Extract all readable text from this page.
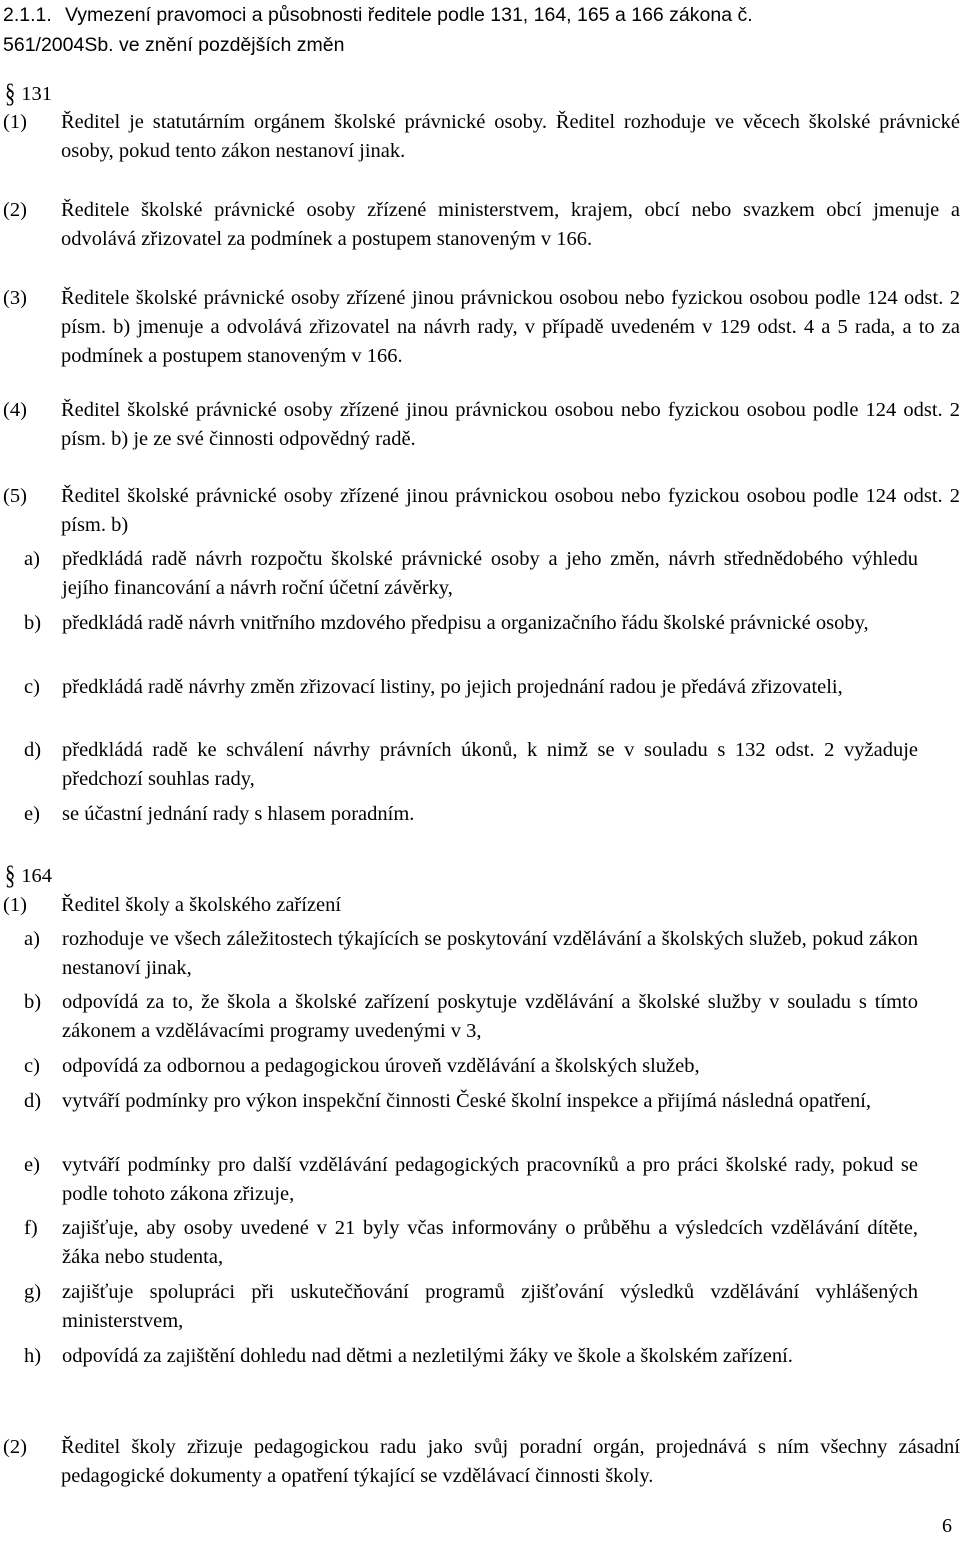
2.1.1. Vymezení pravomoci a působnosti ředitele podle 131, 164, 165 a 166 zákona č.
561/2004Sb. ve znění pozdějších změn
§ 131
(1) Ředitel je statutárním orgánem školské právnické osoby. Ředitel rozhoduje ve věcech školské právnické osoby, pokud tento zákon nestanoví jinak.
(2) Ředitele školské právnické osoby zřízené ministerstvem, krajem, obcí nebo svazkem obcí jmenuje a odvolává zřizovatel za podmínek a postupem stanoveným v 166.
(3) Ředitele školské právnické osoby zřízené jinou právnickou osobou nebo fyzickou osobou podle 124 odst. 2 písm. b) jmenuje a odvolává zřizovatel na návrh rady, v případě uvedeném v 129 odst. 4 a 5 rada, a to za podmínek a postupem stanoveným v 166.
(4) Ředitel školské právnické osoby zřízené jinou právnickou osobou nebo fyzickou osobou podle 124 odst. 2 písm. b) je ze své činnosti odpovědný radě.
(5) Ředitel školské právnické osoby zřízené jinou právnickou osobou nebo fyzickou osobou podle 124 odst. 2 písm. b)
a) předkládá radě návrh rozpočtu školské právnické osoby a jeho změn, návrh střednědobého výhledu jejího financování a návrh roční účetní závěrky,
b) předkládá radě návrh vnitřního mzdového předpisu a organizačního řádu školské právnické osoby,
c) předkládá radě návrhy změn zřizovací listiny, po jejich projednání radou je předává zřizovateli,
d) předkládá radě ke schválení návrhy právních úkonů, k nimž se v souladu s 132 odst. 2 vyžaduje předchozí souhlas rady,
e) se účastní jednání rady s hlasem poradním.
§ 164
(1) Ředitel školy a školského zařízení
a) rozhoduje ve všech záležitostech týkajících se poskytování vzdělávání a školských služeb, pokud zákon nestanoví jinak,
b) odpovídá za to, že škola a školské zařízení poskytuje vzdělávání a školské služby v souladu s tímto zákonem a vzdělávacími programy uvedenými v 3,
c) odpovídá za odbornou a pedagogickou úroveň vzdělávání a školských služeb,
d) vytváří podmínky pro výkon inspekční činnosti České školní inspekce a přijímá následná opatření,
e) vytváří podmínky pro další vzdělávání pedagogických pracovníků a pro práci školské rady, pokud se podle tohoto zákona zřizuje,
f) zajišťuje, aby osoby uvedené v 21 byly včas informovány o průběhu a výsledcích vzdělávání dítěte, žáka nebo studenta,
g) zajišťuje spolupráci při uskutečňování programů zjišťování výsledků vzdělávání vyhlášených ministerstvem,
h) odpovídá za zajištění dohledu nad dětmi a nezletilými žáky ve škole a školském zařízení.
(2) Ředitel školy zřizuje pedagogickou radu jako svůj poradní orgán, projednává s ním všechny zásadní pedagogické dokumenty a opatření týkající se vzdělávací činnosti školy.
6
